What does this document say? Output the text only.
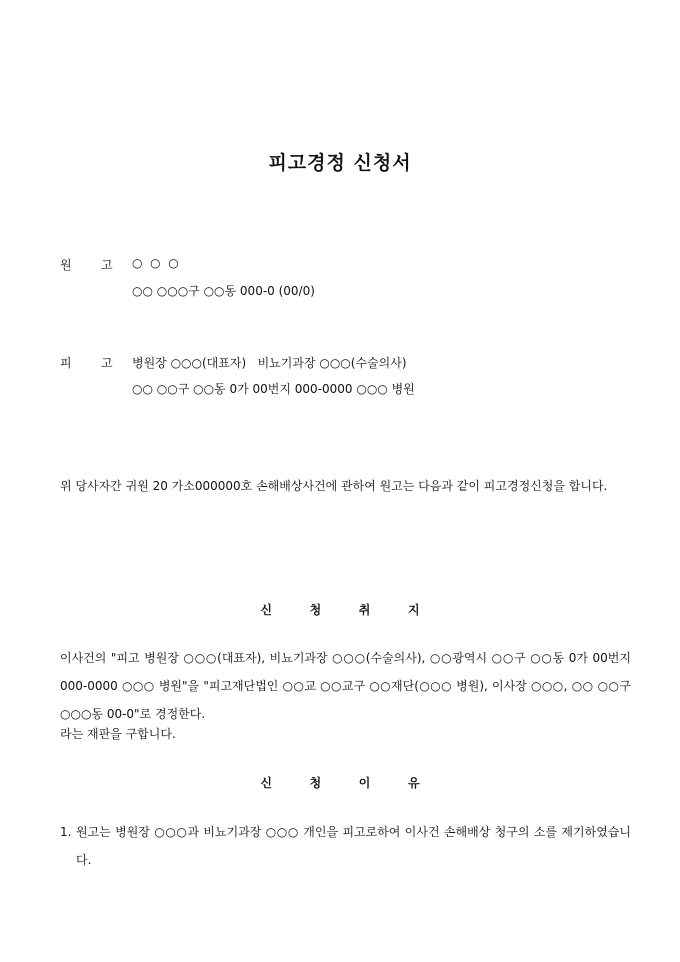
피고경정 신청서
원 고 ○  ○  ○
○○ ○○○구 ○○동 000-0 (00/0)
피 고 병원장 ○○○(대표자)   비뇨기과장 ○○○(수술의사)
○○ ○○구 ○○동 0가 00번지 000-0000 ○○○ 병원
위 당사자간 귀원 20 가소000000호 손해배상사건에 관하여 원고는 다음과 같이 피고경정신청을 합니다.
신	청	취	지
이사건의 "피고 병원장 ○○○(대표자), 비뇨기과장 ○○○(수술의사), ○○광역시 ○○구 ○○동 0가 00번지 000-0000 ○○○ 병원"을 "피고재단법인 ○○교 ○○교구 ○○재단(○○○ 병원), 이사장 ○○○, ○○ ○○구 ○○○동 00-0"로 경정한다.
라는 재판을 구합니다.
신	청	이	유
1. 원고는 병원장 ○○○과 비뇨기과장 ○○○ 개인을 피고로하여 이사건 손해배상 청구의 소를 제기하였습니다.
